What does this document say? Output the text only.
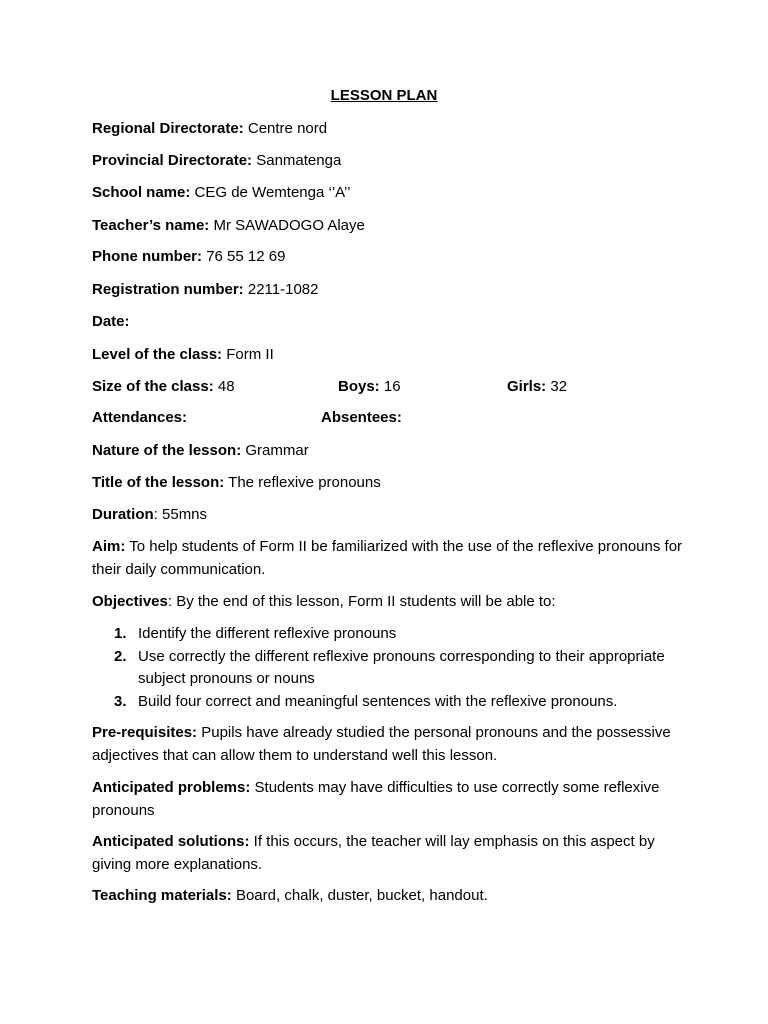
LESSON PLAN
Regional Directorate: Centre nord
Provincial Directorate: Sanmatenga
School name: CEG de Wemtenga ‘’A’’
Teacher’s name: Mr SAWADOGO Alaye
Phone number: 76 55 12 69
Registration number: 2211-1082
Date:
Level of the class: Form II
Size of the class: 48	Boys: 16	Girls: 32
Attendances:	Absentees:
Nature of the lesson: Grammar
Title of the lesson: The reflexive pronouns
Duration: 55mns
Aim: To help students of Form II be familiarized with the use of the reflexive pronouns for their daily communication.
Objectives: By the end of this lesson, Form II students will be able to:
1. Identify the different reflexive pronouns
2. Use correctly the different reflexive pronouns corresponding to their appropriate subject pronouns or nouns
3. Build four correct and meaningful sentences with the reflexive pronouns.
Pre-requisites: Pupils have already studied the personal pronouns and the possessive adjectives that can allow them to understand well this lesson.
Anticipated problems: Students may have difficulties to use correctly some reflexive pronouns
Anticipated solutions: If this occurs, the teacher will lay emphasis on this aspect by giving more explanations.
Teaching materials: Board, chalk, duster, bucket, handout.
